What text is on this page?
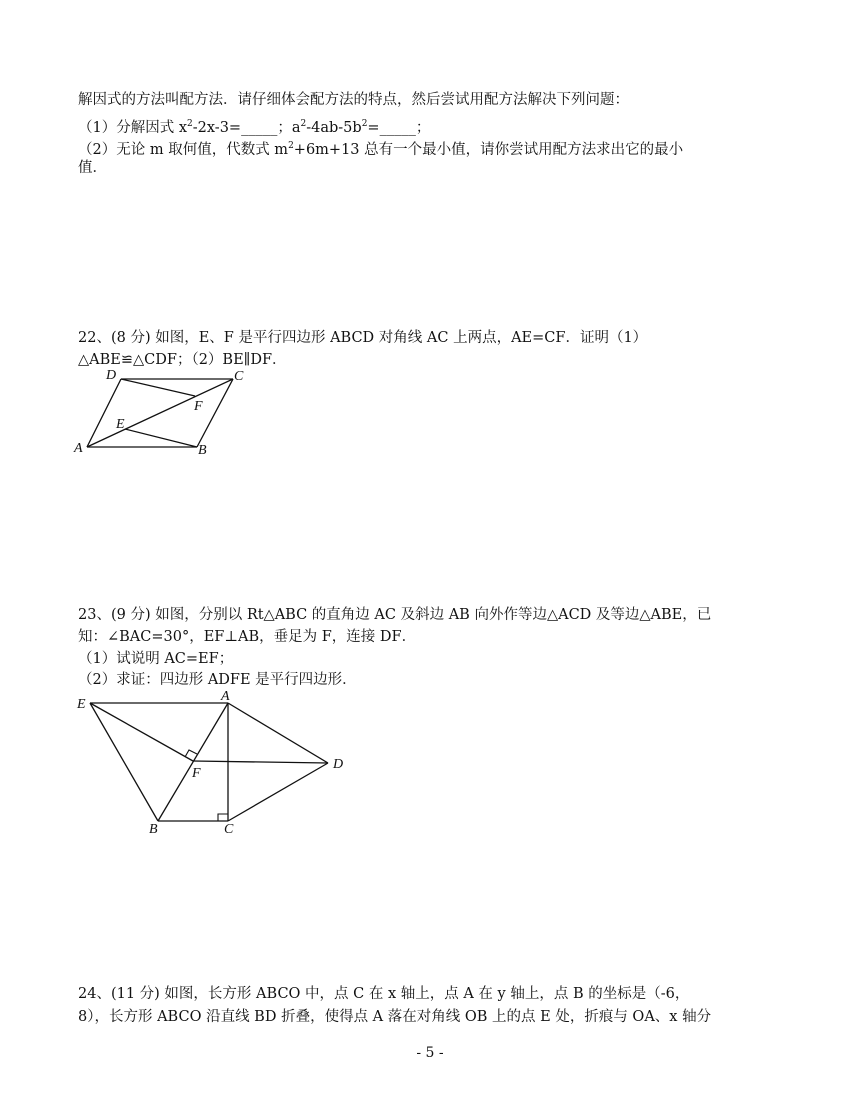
解因式的方法叫配方法．请仔细体会配方法的特点，然后尝试用配方法解决下列问题：
（1）分解因式 $x^2-2x-3=\_\_\_\_\_$；$a^2-4ab-5b^2=\_\_\_\_\_$；
（2）无论 m 取何值，代数式 $m^2+6m+13$ 总有一个最小值，请你尝试用配方法求出它的最小
值．
22、(8 分) 如图，E、F 是平行四边形 ABCD 对角线 AC 上两点，AE=CF．证明（1）
△ABE≌△CDF；（2）BE∥DF．
D	C
F
E
A	B
23、(9 分) 如图，分别以 Rt△ABC 的直角边 AC 及斜边 AB 向外作等边△ACD 及等边△ABE，已
知：∠BAC=30°，EF⊥AB，垂足为 F，连接 DF．
（1）试说明 AC=EF；
（2）求证：四边形 ADFE 是平行四边形．
E
A
D
F
B	C
24、(11 分) 如图，长方形 ABCO 中，点 C 在 x 轴上，点 A 在 y 轴上，点 B 的坐标是（-6，
8），长方形 ABCO 沿直线 BD 折叠，使得点 A 落在对角线 OB 上的点 E 处，折痕与 OA、x 轴分
- 5 -
